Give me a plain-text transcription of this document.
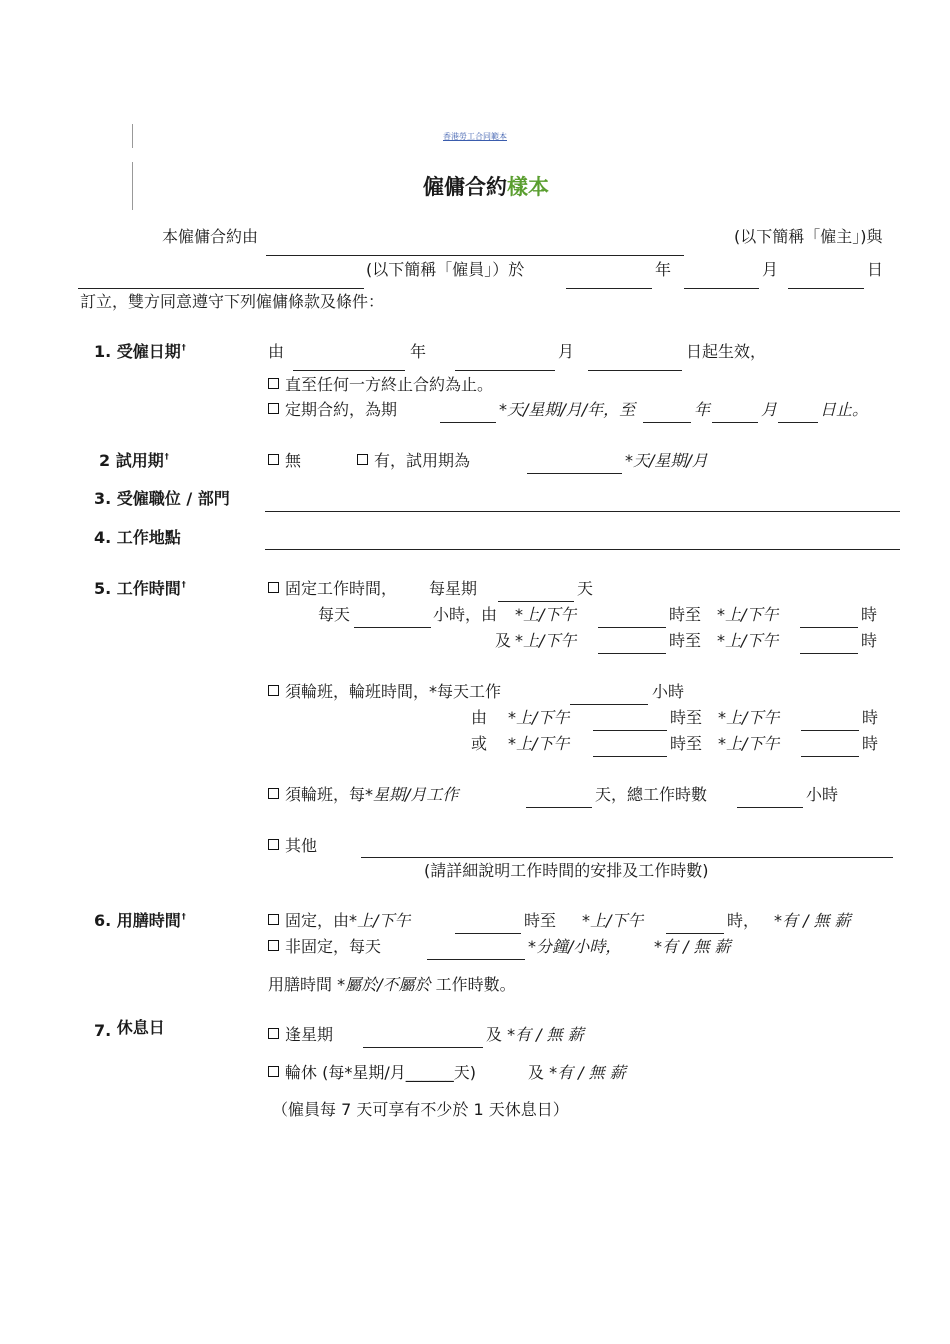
香港勞工合同範本
僱傭合約樣本
本僱傭合約由	(以下簡稱「僱主」)與
(以下簡稱「僱員」）於	年	月	日
訂立，雙方同意遵守下列僱傭條款及條件：
1. 受僱日期†	由	年	月	日起生效，
直至任何一方終止合約為止。
定期合約，為期	*天/星期/月/年，至	年	月	日止。
2 試用期†	無	有，試用期為	*天/星期/月
3. 受僱職位 / 部門
4. 工作地點
5. 工作時間†	固定工作時間， 每星期	天
每天	小時，由 *上/下午	時至 *上/下午	時
及 *上/下午	時至 *上/下午	時
須輪班，輪班時間，*每天工作	小時
由 *上/下午	時至 *上/下午	時
或 *上/下午	時至 *上/下午	時
須輪班，每*星期/月工作	天，總工作時數	小時
其他
(請詳細說明工作時間的安排及工作時數)
6. 用膳時間†	固定，由*上/下午	時至 *上/下午	時， *有 / 無 薪
非固定，每天	*分鐘/小時， *有 / 無 薪
用膳時間 *屬於/不屬於 工作時數。
7. 休息日	逢星期	及 *有 / 無 薪
輪休 (每*星期/月______天)	及 *有 / 無 薪
（僱員每 7 天可享有不少於 1 天休息日）
